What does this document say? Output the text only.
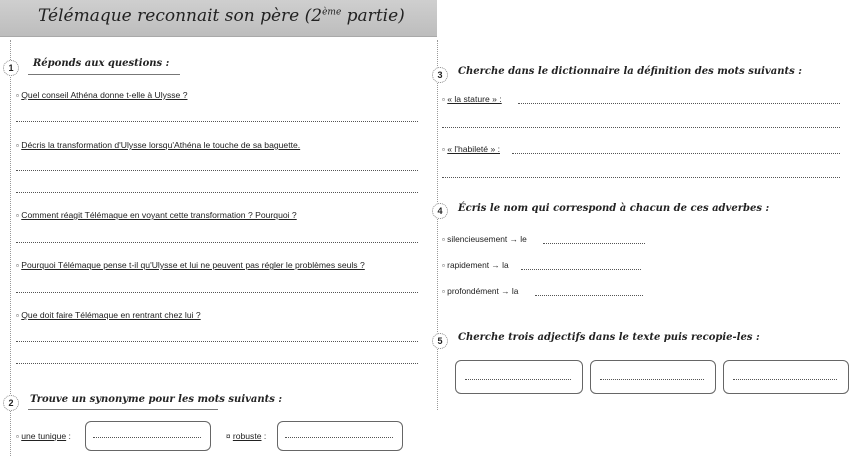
Télémaque reconnait son père (2ème partie)
1	Réponds aux questions :
▫ Quel conseil Athéna donne t-elle à Ulysse ?
▫ Décris la transformation d'Ulysse lorsqu'Athéna le touche de sa baguette.
▫ Comment réagit Télémaque en voyant cette transformation ? Pourquoi ?
▫ Pourquoi Télémaque pense t-il qu'Ulysse et lui ne peuvent pas régler le problèmes seuls ?
▫ Que doit faire Télémaque en rentrant chez lui ?
2	Trouve un synonyme pour les mots suivants :
▫ une tunique :	¤ robuste :
3	Cherche dans le dictionnaire la définition des mots suivants :
▫ « la stature » :
▫ « l'habileté » :
4	Écris le nom qui correspond à chacun de ces adverbes :
▫ silencieusement → le
▫ rapidement → la
▫ profondément → la
5	Cherche trois adjectifs dans le texte puis recopie-les :
